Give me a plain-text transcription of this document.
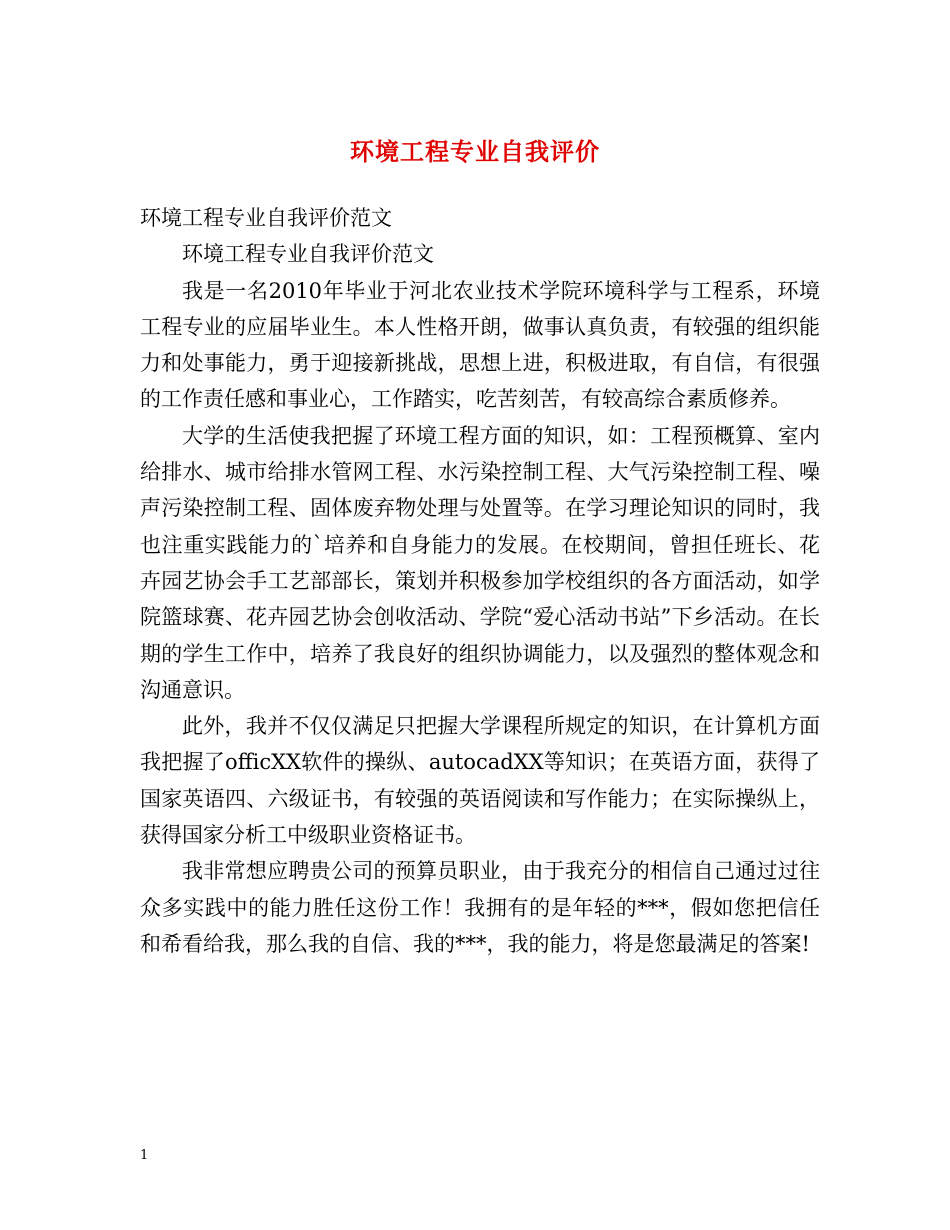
环境工程专业自我评价

环境工程专业自我评价范文

环境工程专业自我评价范文

我是一名2010年毕业于河北农业技术学院环境科学与工程系，环境工程专业的应届毕业生。本人性格开朗，做事认真负责，有较强的组织能力和处事能力，勇于迎接新挑战，思想上进，积极进取，有自信，有很强的工作责任感和事业心，工作踏实，吃苦刻苦，有较高综合素质修养。

大学的生活使我把握了环境工程方面的知识，如：工程预概算、室内给排水、城市给排水管网工程、水污染控制工程、大气污染控制工程、噪声污染控制工程、固体废弃物处理与处置等。在学习理论知识的同时，我也注重实践能力的`培养和自身能力的发展。在校期间，曾担任班长、花卉园艺协会手工艺部部长，策划并积极参加学校组织的各方面活动，如学院篮球赛、花卉园艺协会创收活动、学院“爱心活动书站”下乡活动。在长期的学生工作中，培养了我良好的组织协调能力，以及强烈的整体观念和沟通意识。

此外，我并不仅仅满足只把握大学课程所规定的知识，在计算机方面我把握了officXX软件的操纵、autocadXX等知识；在英语方面，获得了国家英语四、六级证书，有较强的英语阅读和写作能力；在实际操纵上，获得国家分析工中级职业资格证书。

我非常想应聘贵公司的预算员职业，由于我充分的相信自己通过过往众多实践中的能力胜任这份工作！我拥有的是年轻的***，假如您把信任和希看给我，那么我的自信、我的***，我的能力，将是您最满足的答案!

1
